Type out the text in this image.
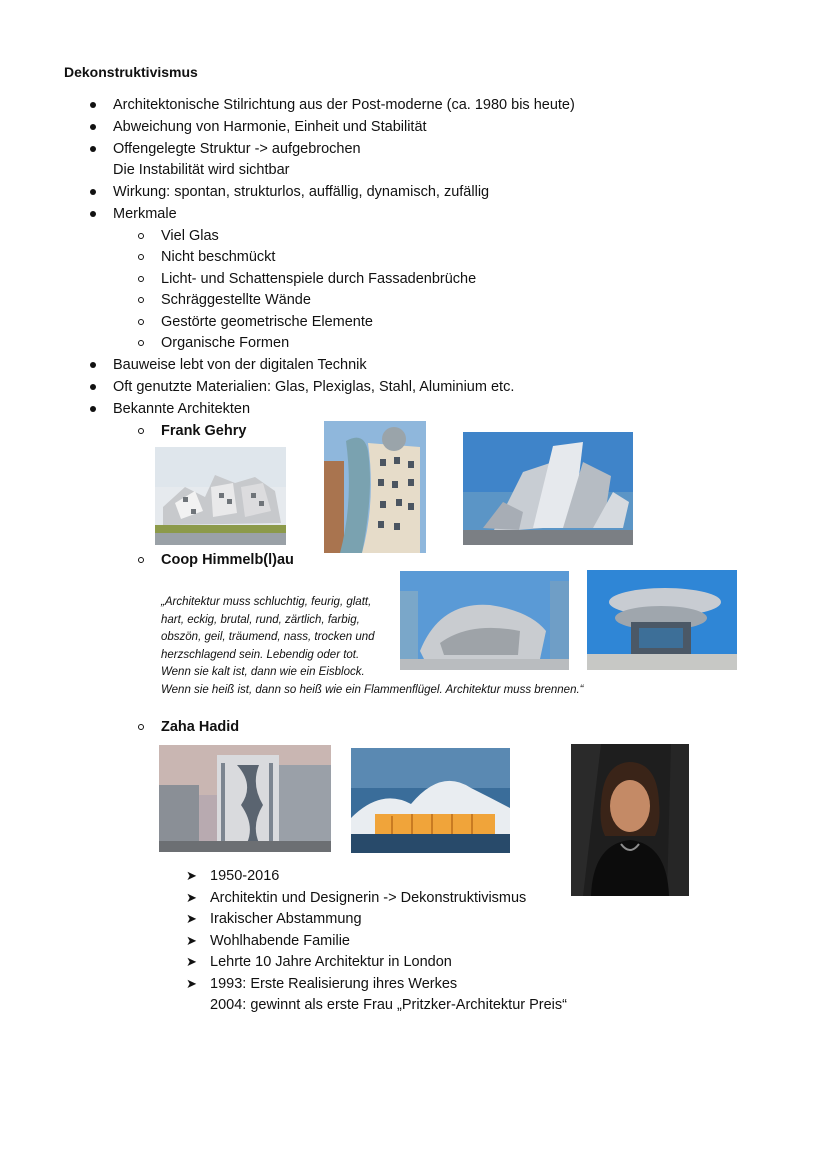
Dekonstruktivismus
Architektonische Stilrichtung aus der Post-moderne (ca. 1980 bis heute)
Abweichung von Harmonie, Einheit und Stabilität
Offengelegte Struktur -> aufgebrochen
Die Instabilität wird sichtbar
Wirkung: spontan, strukturlos, auffällig, dynamisch, zufällig
Merkmale
Viel Glas
Nicht beschmückt
Licht- und Schattenspiele durch Fassadenbrüche
Schräggestellte Wände
Gestörte geometrische Elemente
Organische Formen
Bauweise lebt von der digitalen Technik
Oft genutzte Materialien: Glas, Plexiglas, Stahl, Aluminium etc.
Bekannte Architekten
Frank Gehry
Coop Himmelb(l)au
„Architektur muss schluchtig, feurig, glatt,
hart, eckig, brutal, rund, zärtlich, farbig,
obszön, geil, träumend, nass, trocken und
herzschlagend sein. Lebendig oder tot.
Wenn sie kalt ist, dann wie ein Eisblock.
Wenn sie heiß ist, dann so heiß wie ein Flammenflügel. Architektur muss brennen.“
Zaha Hadid
➤ 1950-2016
➤ Architektin und Designerin -> Dekonstruktivismus
➤ Irakischer Abstammung
➤ Wohlhabende Familie
➤ Lehrte 10 Jahre Architektur in London
➤ 1993: Erste Realisierung ihres Werkes
2004: gewinnt als erste Frau „Pritzker-Architektur Preis“
